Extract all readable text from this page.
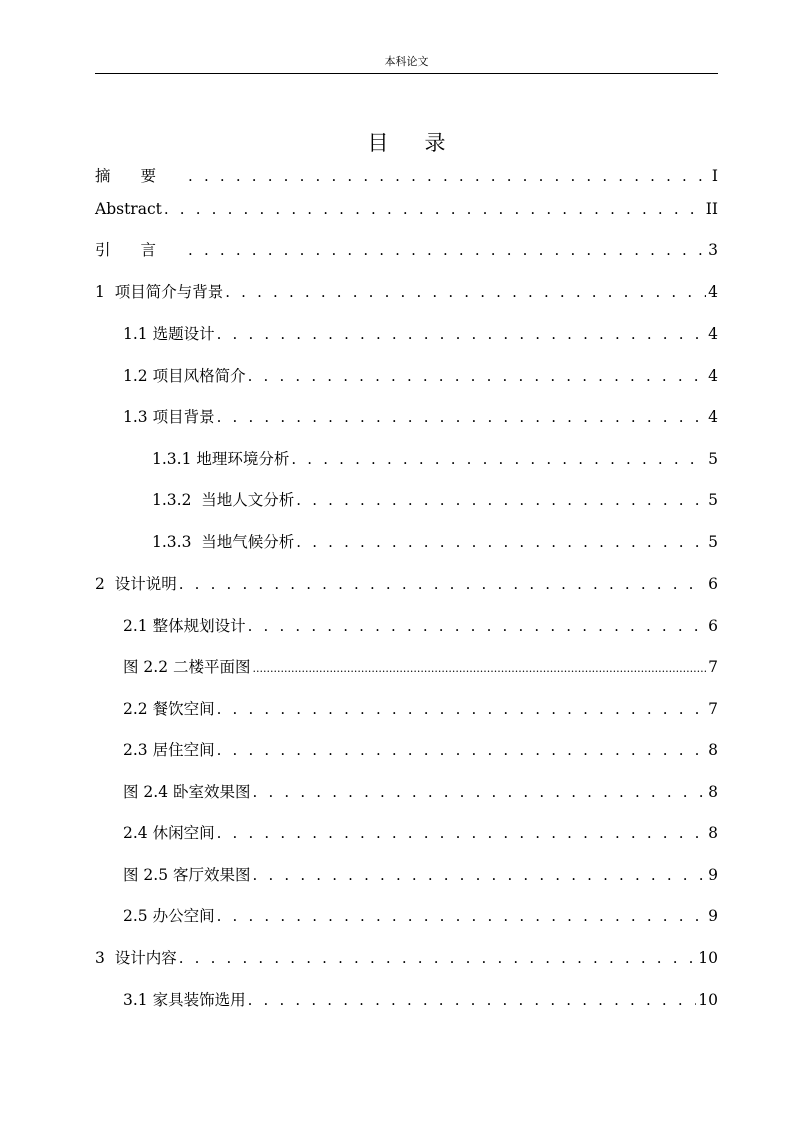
本科论文
目录
摘要 . . .	I
Abstract . . .	II
引言 . . .	3
1  项目简介与背景 . . .	4
1.1 选题设计 . . .	4
1.2 项目风格简介 . . .	4
1.3 项目背景 . . .	4
1.3.1 地理环境分析 . . .	5
1.3.2  当地人文分析 . . .	5
1.3.3  当地气候分析 . . .	5
2  设计说明 . . .	6
2.1 整体规划设计 . . .	6
图 2.2 二楼平面图 .....	7
2.2 餐饮空间 . . .	7
2.3 居住空间 . . .	8
图 2.4 卧室效果图 . . .	8
2.4 休闲空间 . . .	8
图 2.5 客厅效果图 . . .	9
2.5 办公空间 . . .	9
3  设计内容 . . .	10
3.1 家具装饰选用 . . .	10
